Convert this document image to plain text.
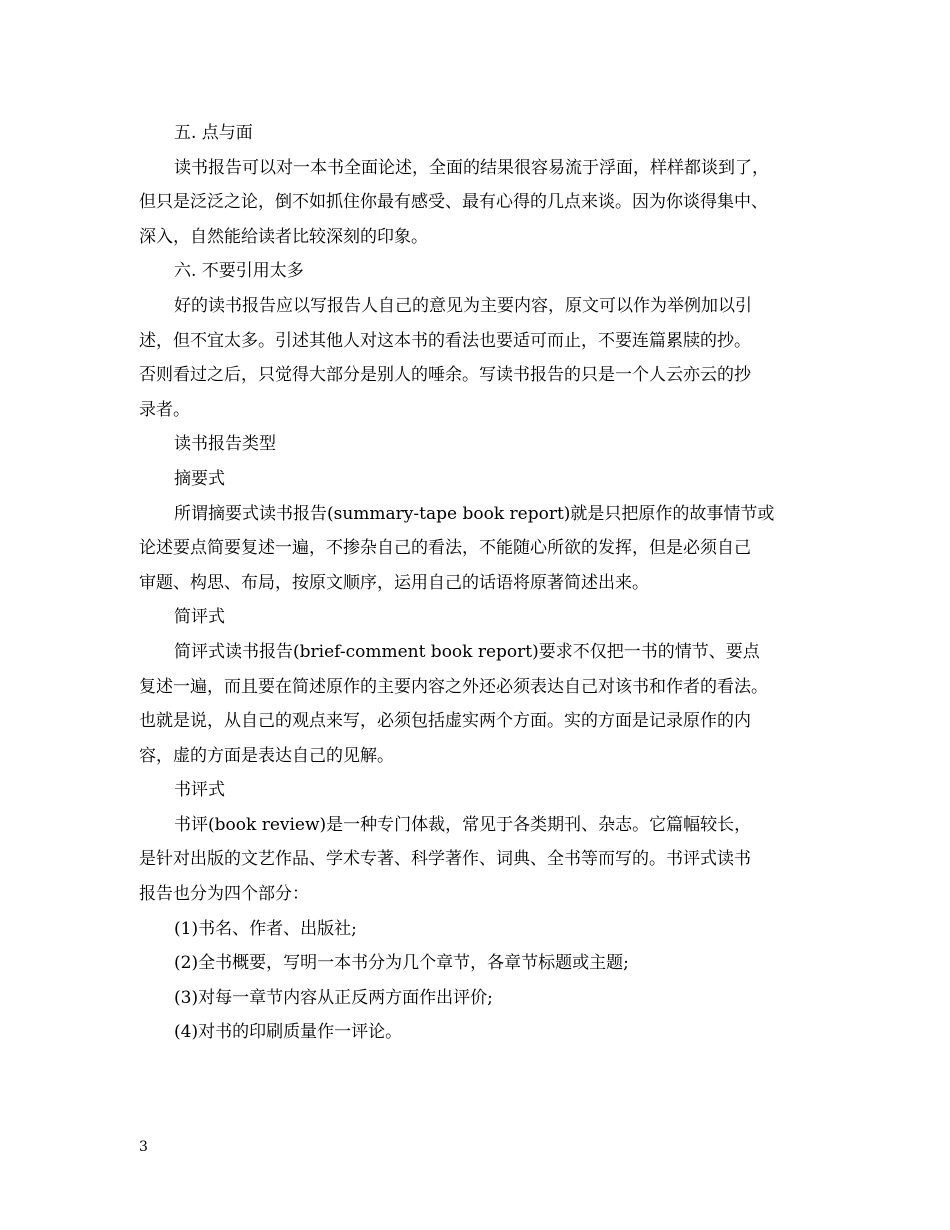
五. 点与面
读书报告可以对一本书全面论述，全面的结果很容易流于浮面，样样都谈到了，
但只是泛泛之论，倒不如抓住你最有感受、最有心得的几点来谈。因为你谈得集中、
深入，自然能给读者比较深刻的印象。
六. 不要引用太多
好的读书报告应以写报告人自己的意见为主要内容，原文可以作为举例加以引
述，但不宜太多。引述其他人对这本书的看法也要适可而止，不要连篇累牍的抄。
否则看过之后，只觉得大部分是别人的唾余。写读书报告的只是一个人云亦云的抄
录者。
读书报告类型
摘要式
所谓摘要式读书报告(summary-tape book report)就是只把原作的故事情节或
论述要点简要复述一遍，不掺杂自己的看法，不能随心所欲的发挥，但是必须自己
审题、构思、布局，按原文顺序，运用自己的话语将原著简述出来。
简评式
简评式读书报告(brief-comment book report)要求不仅把一书的情节、要点
复述一遍，而且要在简述原作的主要内容之外还必须表达自己对该书和作者的看法。
也就是说，从自己的观点来写，必须包括虚实两个方面。实的方面是记录原作的内
容，虚的方面是表达自己的见解。
书评式
书评(book review)是一种专门体裁，常见于各类期刊、杂志。它篇幅较长，
是针对出版的文艺作品、学术专著、科学著作、词典、全书等而写的。书评式读书
报告也分为四个部分：
(1)书名、作者、出版社;
(2)全书概要，写明一本书分为几个章节，各章节标题或主题;
(3)对每一章节内容从正反两方面作出评价;
(4)对书的印刷质量作一评论。
3
